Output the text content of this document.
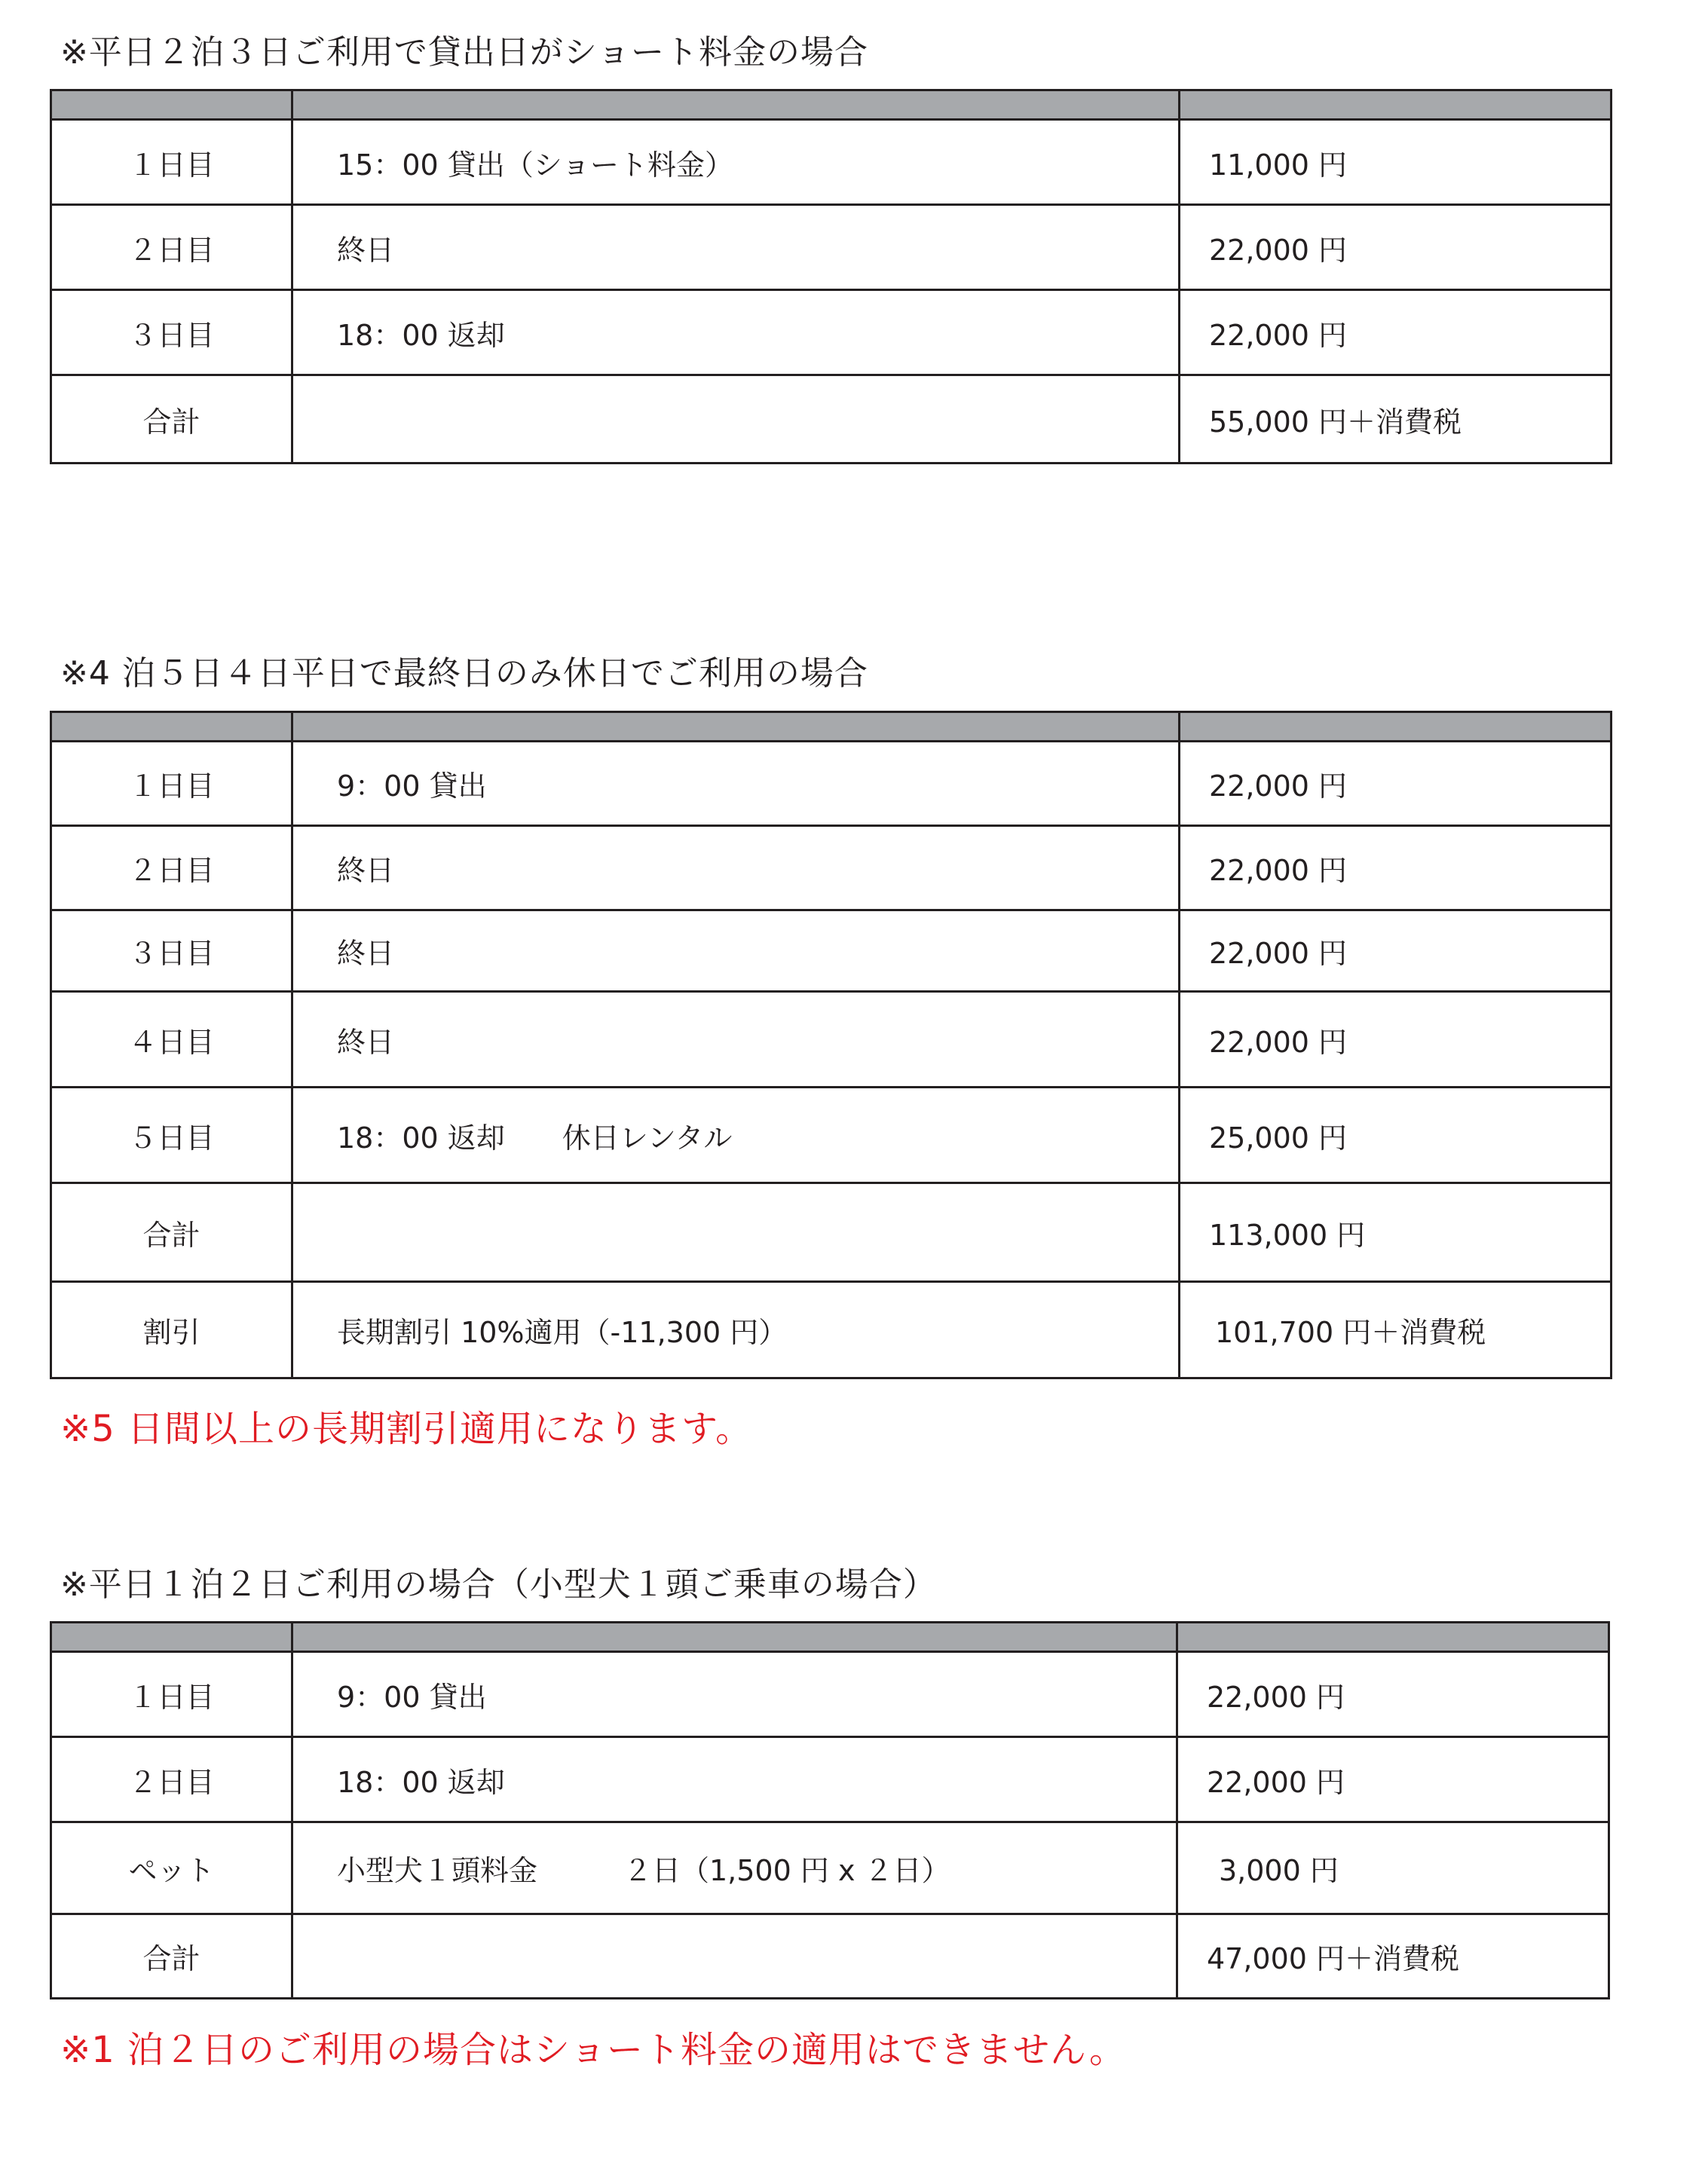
※平日２泊３日ご利用で貸出日がショート料金の場合

１日目	15：00 貸出（ショート料金）	11,000 円
２日目	終日	22,000 円
３日目	18：00 返却	22,000 円
合計		55,000 円＋消費税
※4 泊５日４日平日で最終日のみ休日でご利用の場合

１日目	9：00 貸出	22,000 円
２日目	終日	22,000 円
３日目	終日	22,000 円
４日目	終日	22,000 円
５日目	18：00 返却　　休日レンタル	25,000 円
合計		113,000 円
割引	長期割引 10%適用（-11,300 円）	101,700 円＋消費税
※5 日間以上の長期割引適用になります。
※平日１泊２日ご利用の場合（小型犬１頭ご乗車の場合）

１日目	9：00 貸出	22,000 円
２日目	18：00 返却	22,000 円
ペット	小型犬１頭料金　　　２日（1,500 円 x ２日）	3,000 円
合計		47,000 円＋消費税
※1 泊２日のご利用の場合はショート料金の適用はできません。
